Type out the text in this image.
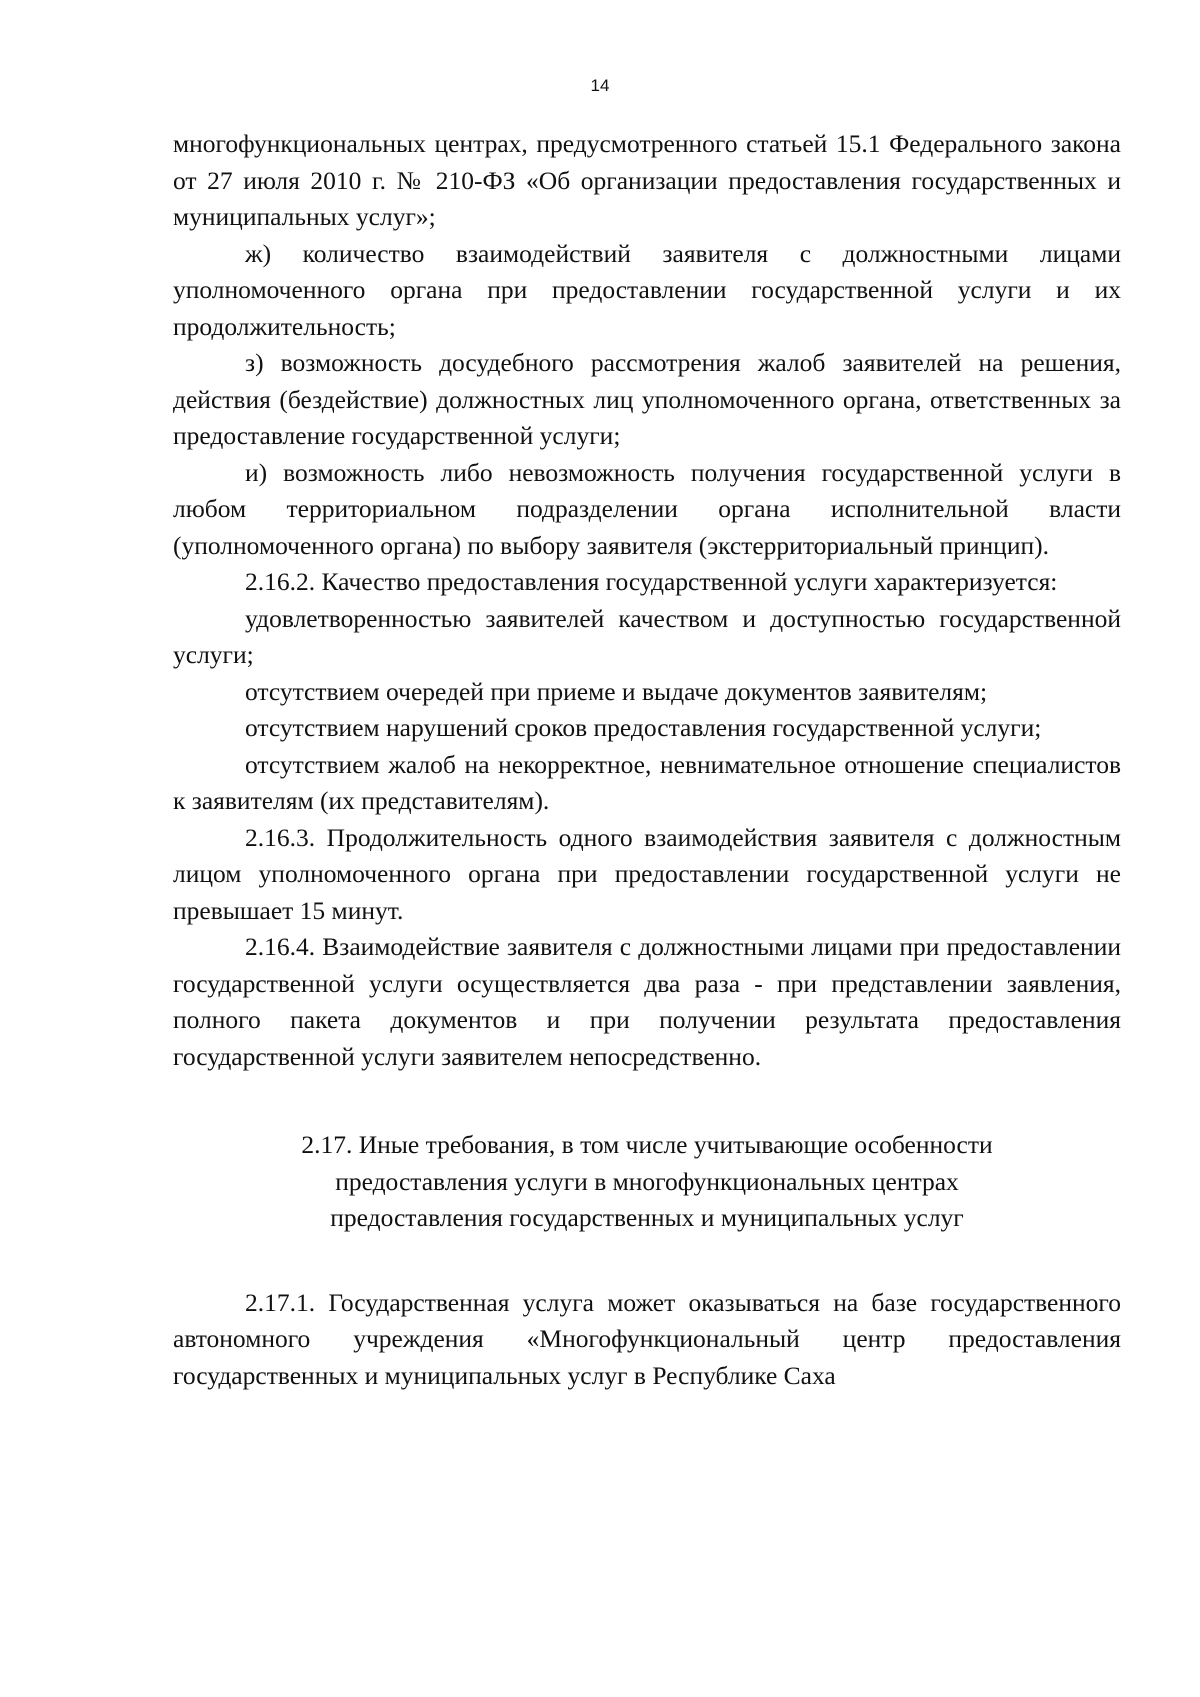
14

многофункциональных центрах, предусмотренного статьей 15.1 Федерального закона от 27 июля 2010 г. № 210-ФЗ «Об организации предоставления государственных и муниципальных услуг»;

ж) количество взаимодействий заявителя с должностными лицами уполномоченного органа при предоставлении государственной услуги и их продолжительность;

з) возможность досудебного рассмотрения жалоб заявителей на решения, действия (бездействие) должностных лиц уполномоченного органа, ответственных за предоставление государственной услуги;

и) возможность либо невозможность получения государственной услуги в любом территориальном подразделении органа исполнительной власти (уполномоченного органа) по выбору заявителя (экстерриториальный принцип).

2.16.2. Качество предоставления государственной услуги характеризуется:

удовлетворенностью заявителей качеством и доступностью государственной услуги;

отсутствием очередей при приеме и выдаче документов заявителям;

отсутствием нарушений сроков предоставления государственной услуги;

отсутствием жалоб на некорректное, невнимательное отношение специалистов к заявителям (их представителям).

2.16.3. Продолжительность одного взаимодействия заявителя с должностным лицом уполномоченного органа при предоставлении государственной услуги не превышает 15 минут.

2.16.4. Взаимодействие заявителя с должностными лицами при предоставлении государственной услуги осуществляется два раза - при представлении заявления, полного пакета документов и при получении результата предоставления государственной услуги заявителем непосредственно.

2.17. Иные требования, в том числе учитывающие особенности
предоставления услуги в многофункциональных центрах
предоставления государственных и муниципальных услуг

2.17.1. Государственная услуга может оказываться на базе государственного автономного учреждения «Многофункциональный центр предоставления государственных и муниципальных услуг в Республике Саха
